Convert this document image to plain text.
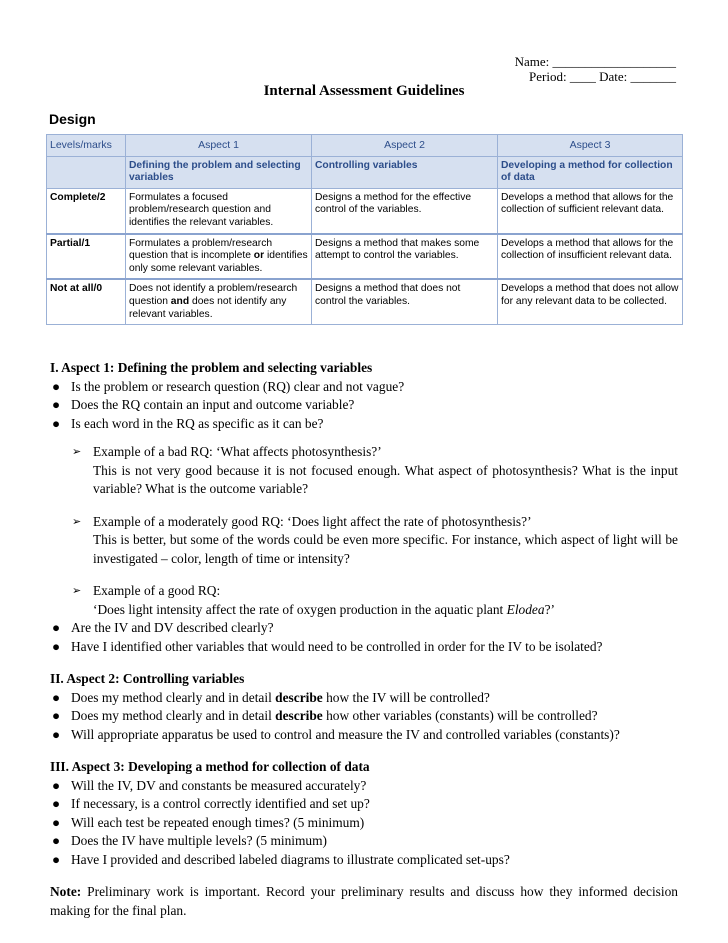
Name: ___________________
Period: ____ Date: _______
Internal Assessment Guidelines
Design
Levels/marks	Aspect 1	Aspect 2	Aspect 3
	Defining the problem and selecting variables	Controlling variables	Developing a method for collection of data
Complete/2	Formulates a focused problem/research question and identifies the relevant variables.	Designs a method for the effective control of the variables.	Develops a method that allows for the collection of sufficient relevant data.
Partial/1	Formulates a problem/research question that is incomplete or identifies only some relevant variables.	Designs a method that makes some attempt to control the variables.	Develops a method that allows for the collection of insufficient relevant data.
Not at all/0	Does not identify a problem/research question and does not identify any relevant variables.	Designs a method that does not control the variables.	Develops a method that does not allow for any relevant data to be collected.

I. Aspect 1: Defining the problem and selecting variables

● Is the problem or research question (RQ) clear and not vague?
● Does the RQ contain an input and outcome variable?
● Is each word in the RQ as specific as it can be?
➢ Example of a bad RQ: ‘What affects photosynthesis?’
This is not very good because it is not focused enough. What aspect of photosynthesis? What is the input variable? What is the outcome variable?
➢ Example of a moderately good RQ: ‘Does light affect the rate of photosynthesis?’
This is better, but some of the words could be even more specific. For instance, which aspect of light will be investigated – color, length of time or intensity?
➢ Example of a good RQ:
‘Does light intensity affect the rate of oxygen production in the aquatic plant Elodea?’
● Are the IV and DV described clearly?
● Have I identified other variables that would need to be controlled in order for the IV to be isolated?

II. Aspect 2: Controlling variables

● Does my method clearly and in detail describe how the IV will be controlled?
● Does my method clearly and in detail describe how other variables (constants) will be controlled?
● Will appropriate apparatus be used to control and measure the IV and controlled variables (constants)?

III. Aspect 3: Developing a method for collection of data

● Will the IV, DV and constants be measured accurately?
● If necessary, is a control correctly identified and set up?
● Will each test be repeated enough times? (5 minimum)
● Does the IV have multiple levels? (5 minimum)
● Have I provided and described labeled diagrams to illustrate complicated set-ups?

Note: Preliminary work is important. Record your preliminary results and discuss how they informed decision making for the final plan.
